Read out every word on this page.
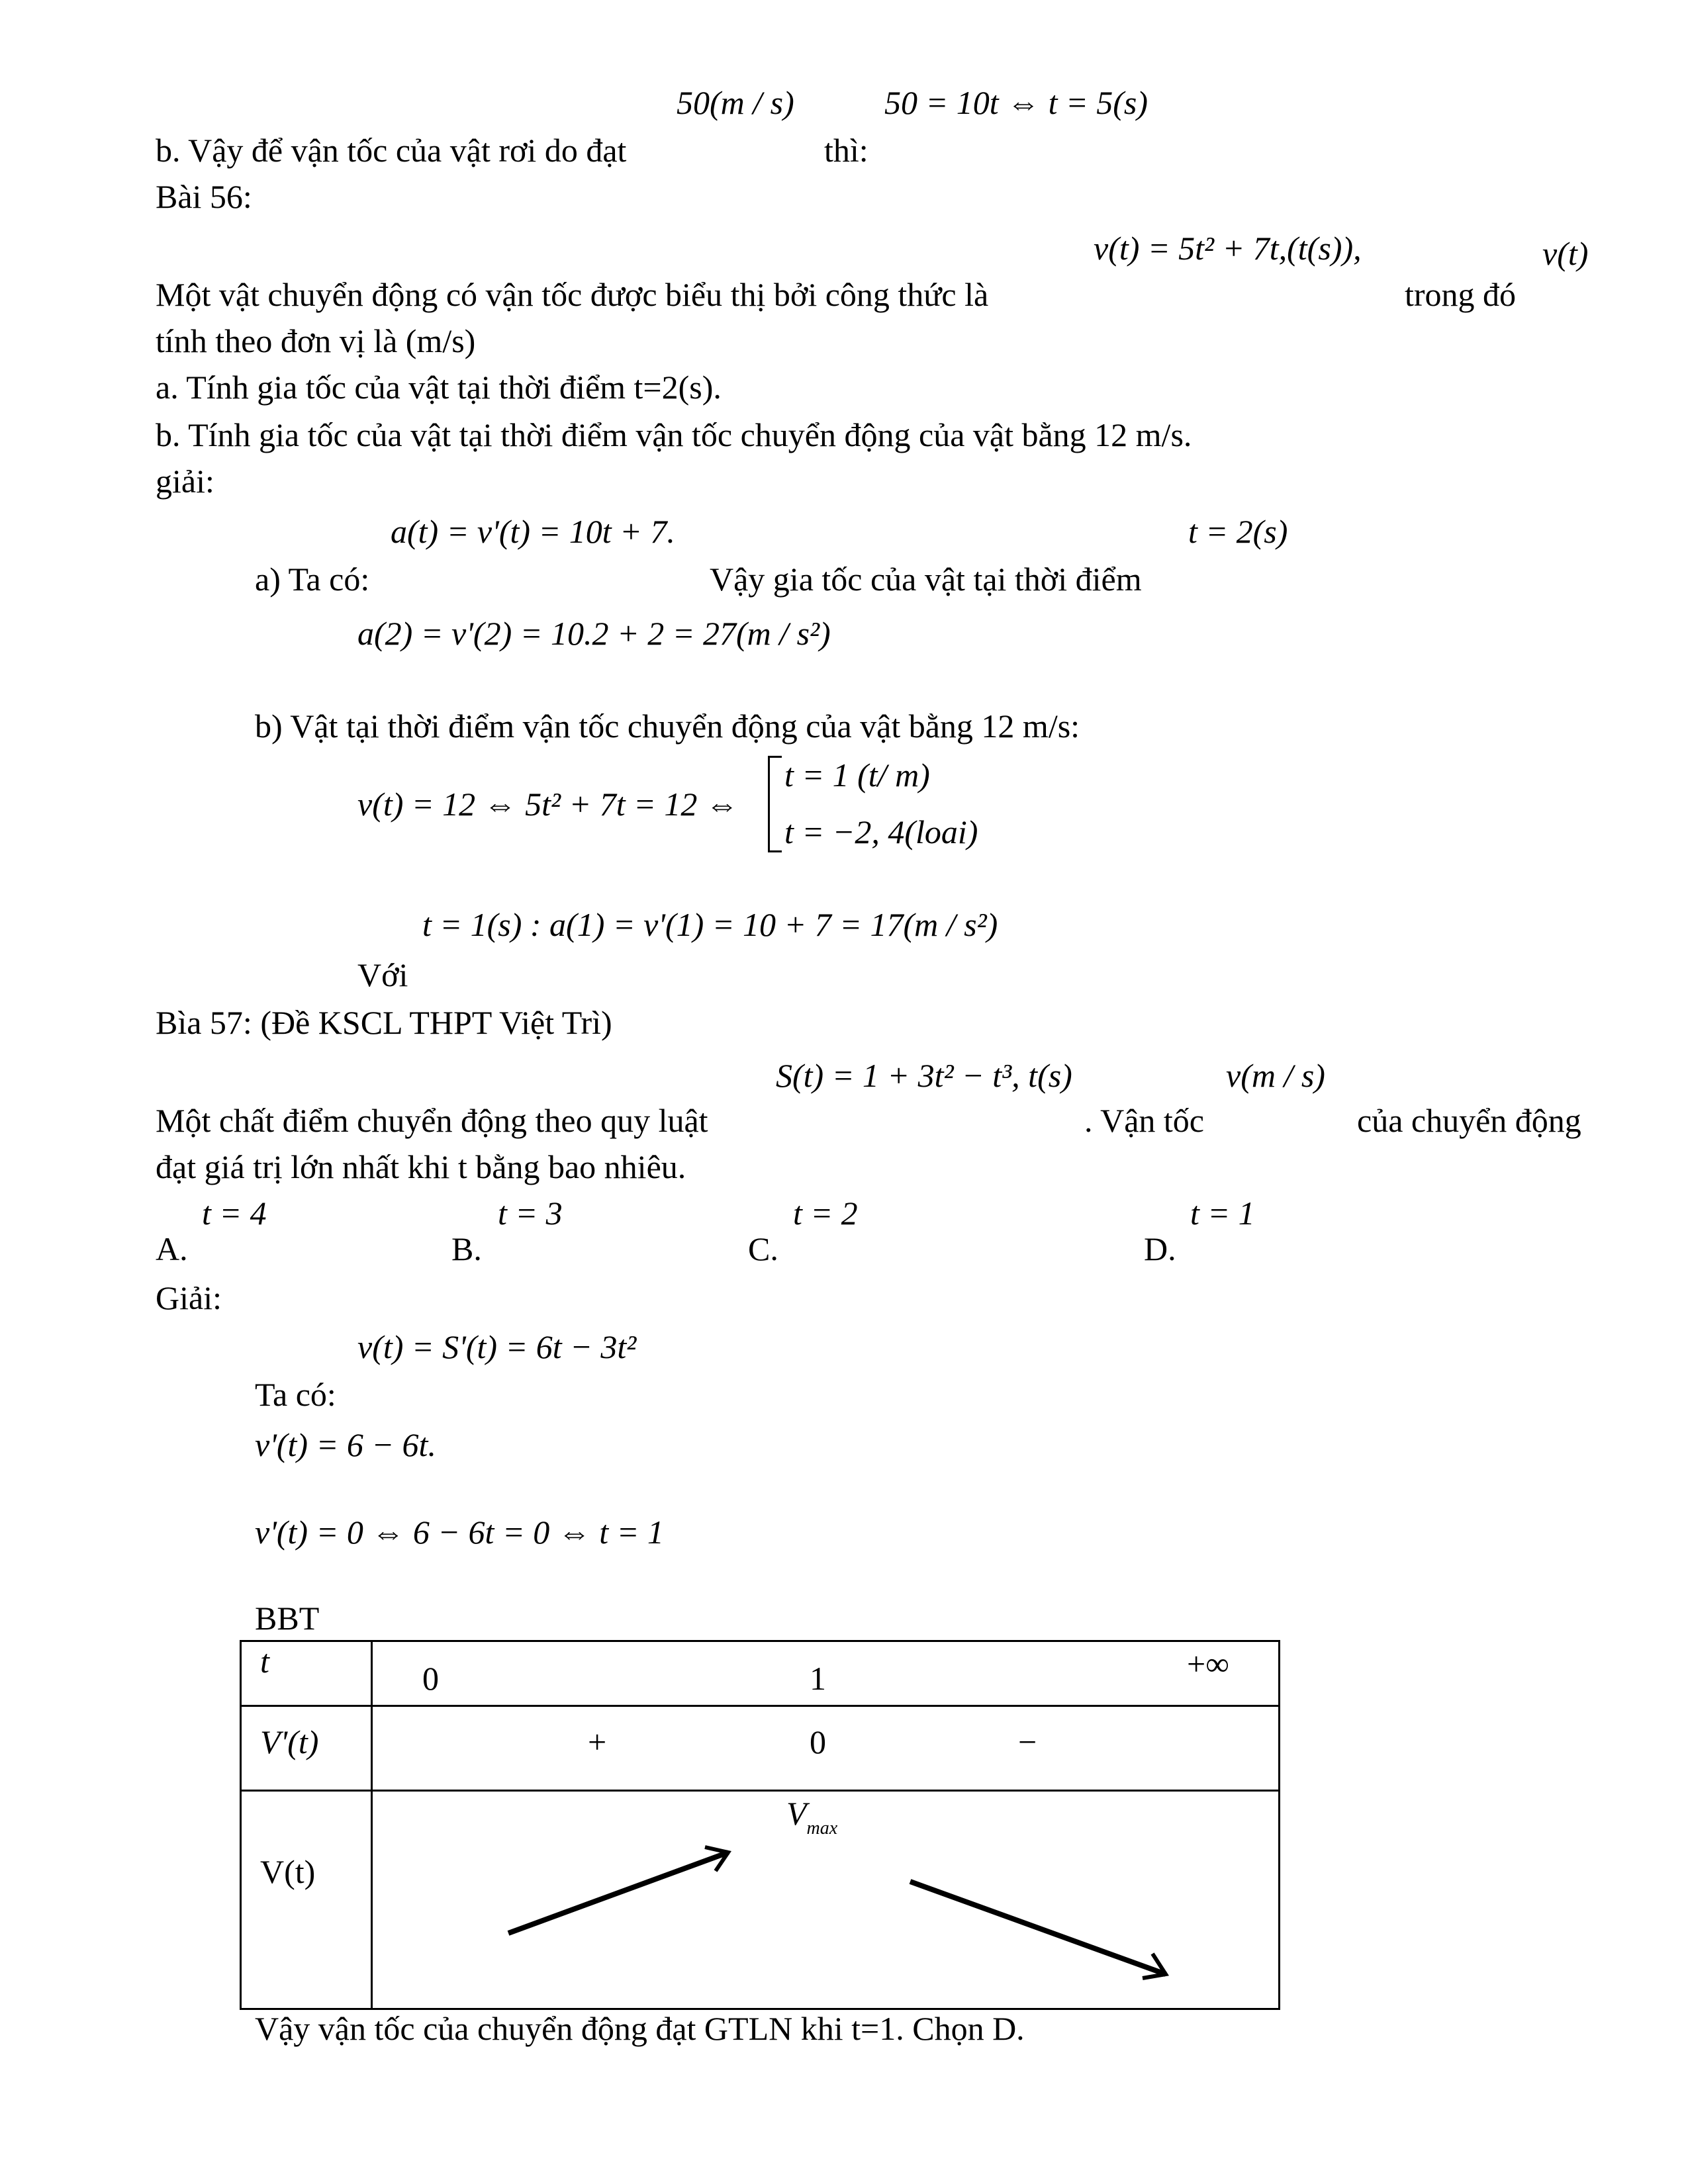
50(m / s)	50 = 10t ⇔ t = 5(s)
b. Vậy để vận tốc của vật rơi do đạt	thì:
Bài 56:
v(t) = 5t² + 7t,(t(s)),	v(t)
Một vật chuyển động có vận tốc được biểu thị bởi công thức là	trong đó
tính theo đơn vị là (m/s)
a. Tính gia tốc của vật tại thời điểm t=2(s).
b. Tính gia tốc của vật tại thời điểm vận tốc chuyển động của vật bằng 12 m/s.
giải:
a(t) = v'(t) = 10t + 7.	t = 2(s)
a) Ta có:	Vậy gia tốc của vật tại thời điểm
a(2) = v'(2) = 10.2 + 2 = 27(m / s²)
b) Vật tại thời điểm vận tốc chuyển động của vật bằng 12 m/s:
v(t) = 12 ⇔ 5t² + 7t = 12 ⇔
t = 1 (t/ m)
t = −2, 4(loai)
t = 1(s) : a(1) = v'(1) = 10 + 7 = 17(m / s²)
Với
Bìa 57: (Đề KSCL THPT Việt Trì)
S(t) = 1 + 3t² − t³, t(s)	v(m / s)
Một chất điểm chuyển động theo quy luật	. Vận tốc	của chuyển động
đạt giá trị lớn nhất khi t bằng bao nhiêu.
t = 4	t = 3	t = 2	t = 1
A.	B.	C.	D.
Giải:
v(t) = S'(t) = 6t − 3t²
Ta có:
v'(t) = 6 − 6t.
v'(t) = 0 ⇔ 6 − 6t = 0 ⇔ t = 1
BBT
t	0 1 +∞

V'(t)	+ 0 −

V(t)	$V_{max}$
Vậy vận tốc của chuyển động đạt GTLN khi t=1. Chọn D.
